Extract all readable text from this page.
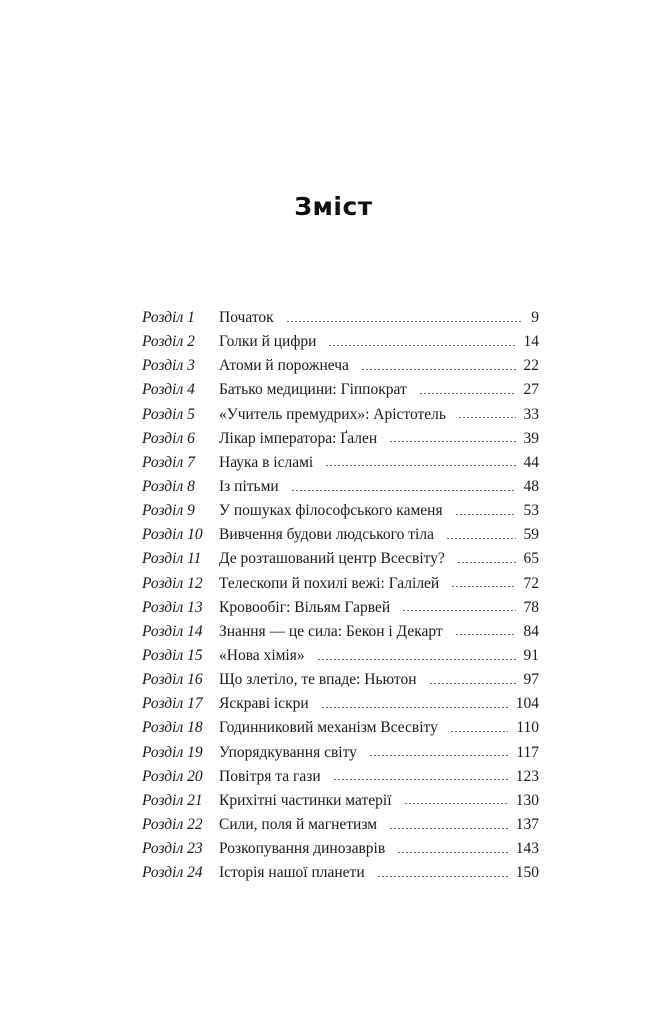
Зміст
Розділ 1	Початок	9
Розділ 2	Голки й цифри	14
Розділ 3	Атоми й порожнеча	22
Розділ 4	Батько медицини: Гіппократ	27
Розділ 5	«Учитель премудрих»: Арістотель	33
Розділ 6	Лікар імператора: Ґален	39
Розділ 7	Наука в ісламі	44
Розділ 8	Із пітьми	48
Розділ 9	У пошуках філософського каменя	53
Розділ 10	Вивчення будови людського тіла	59
Розділ 11	Де розташований центр Всесвіту?	65
Розділ 12	Телескопи й похилі вежі: Галілей	72
Розділ 13	Кровообіг: Вільям Гарвей	78
Розділ 14	Знання — це сила: Бекон і Декарт	84
Розділ 15	«Нова хімія»	91
Розділ 16	Що злетіло, те впаде: Ньютон	97
Розділ 17	Яскраві іскри	104
Розділ 18	Годинниковий механізм Всесвіту	110
Розділ 19	Упорядкування світу	117
Розділ 20	Повітря та гази	123
Розділ 21	Крихітні частинки матерії	130
Розділ 22	Сили, поля й магнетизм	137
Розділ 23	Розкопування динозаврів	143
Розділ 24	Історія нашої планети	150
